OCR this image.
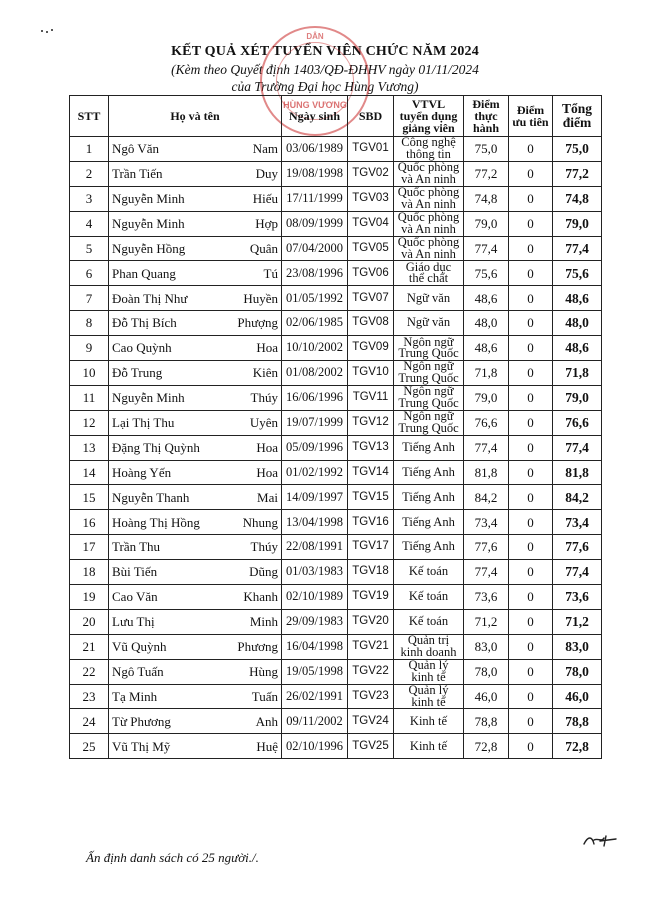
KẾT QUẢ XÉT TUYỂN VIÊN CHỨC NĂM 2024
(Kèm theo Quyết định 1403/QĐ-ĐHHV ngày 01/11/2024
của Trường Đại học Hùng Vương)
DÂN
HÙNG VƯƠNG
STT	Họ và tên	Ngày sinh	SBD	VTVL tuyển dụng giảng viên	Điểm thực hành	Điểm ưu tiên	Tổng điểm
1	Ngô Văn Nam	03/06/1989	TGV01	Công nghệ thông tin	75,0	0	75,0
2	Trần Tiến Duy	19/08/1998	TGV02	Quốc phòng và An ninh	77,2	0	77,2
3	Nguyễn Minh Hiếu	17/11/1999	TGV03	Quốc phòng và An ninh	74,8	0	74,8
4	Nguyễn Minh Hợp	08/09/1999	TGV04	Quốc phòng và An ninh	79,0	0	79,0
5	Nguyễn Hồng Quân	07/04/2000	TGV05	Quốc phòng và An ninh	77,4	0	77,4
6	Phan Quang Tú	23/08/1996	TGV06	Giáo dục thể chất	75,6	0	75,6
7	Đoàn Thị Như Huyền	01/05/1992	TGV07	Ngữ văn	48,6	0	48,6
8	Đỗ Thị Bích Phượng	02/06/1985	TGV08	Ngữ văn	48,0	0	48,0
9	Cao Quỳnh Hoa	10/10/2002	TGV09	Ngôn ngữ Trung Quốc	48,6	0	48,6
10	Đỗ Trung Kiên	01/08/2002	TGV10	Ngôn ngữ Trung Quốc	71,8	0	71,8
11	Nguyễn Minh Thúy	16/06/1996	TGV11	Ngôn ngữ Trung Quốc	79,0	0	79,0
12	Lại Thị Thu Uyên	19/07/1999	TGV12	Ngôn ngữ Trung Quốc	76,6	0	76,6
13	Đặng Thị Quỳnh Hoa	05/09/1996	TGV13	Tiếng Anh	77,4	0	77,4
14	Hoàng Yến Hoa	01/02/1992	TGV14	Tiếng Anh	81,8	0	81,8
15	Nguyễn Thanh Mai	14/09/1997	TGV15	Tiếng Anh	84,2	0	84,2
16	Hoàng Thị Hồng Nhung	13/04/1998	TGV16	Tiếng Anh	73,4	0	73,4
17	Trần Thu Thúy	22/08/1991	TGV17	Tiếng Anh	77,6	0	77,6
18	Bùi Tiến Dũng	01/03/1983	TGV18	Kế toán	77,4	0	77,4
19	Cao Văn Khanh	02/10/1989	TGV19	Kế toán	73,6	0	73,6
20	Lưu Thị Minh	29/09/1983	TGV20	Kế toán	71,2	0	71,2
21	Vũ Quỳnh Phương	16/04/1998	TGV21	Quản trị kinh doanh	83,0	0	83,0
22	Ngô Tuấn Hùng	19/05/1998	TGV22	Quản lý kinh tế	78,0	0	78,0
23	Tạ Minh Tuấn	26/02/1991	TGV23	Quản lý kinh tế	46,0	0	46,0
24	Từ Phương Anh	09/11/2002	TGV24	Kinh tế	78,8	0	78,8
25	Vũ Thị Mỹ Huệ	02/10/1996	TGV25	Kinh tế	72,8	0	72,8
Ấn định danh sách có 25 người./.
